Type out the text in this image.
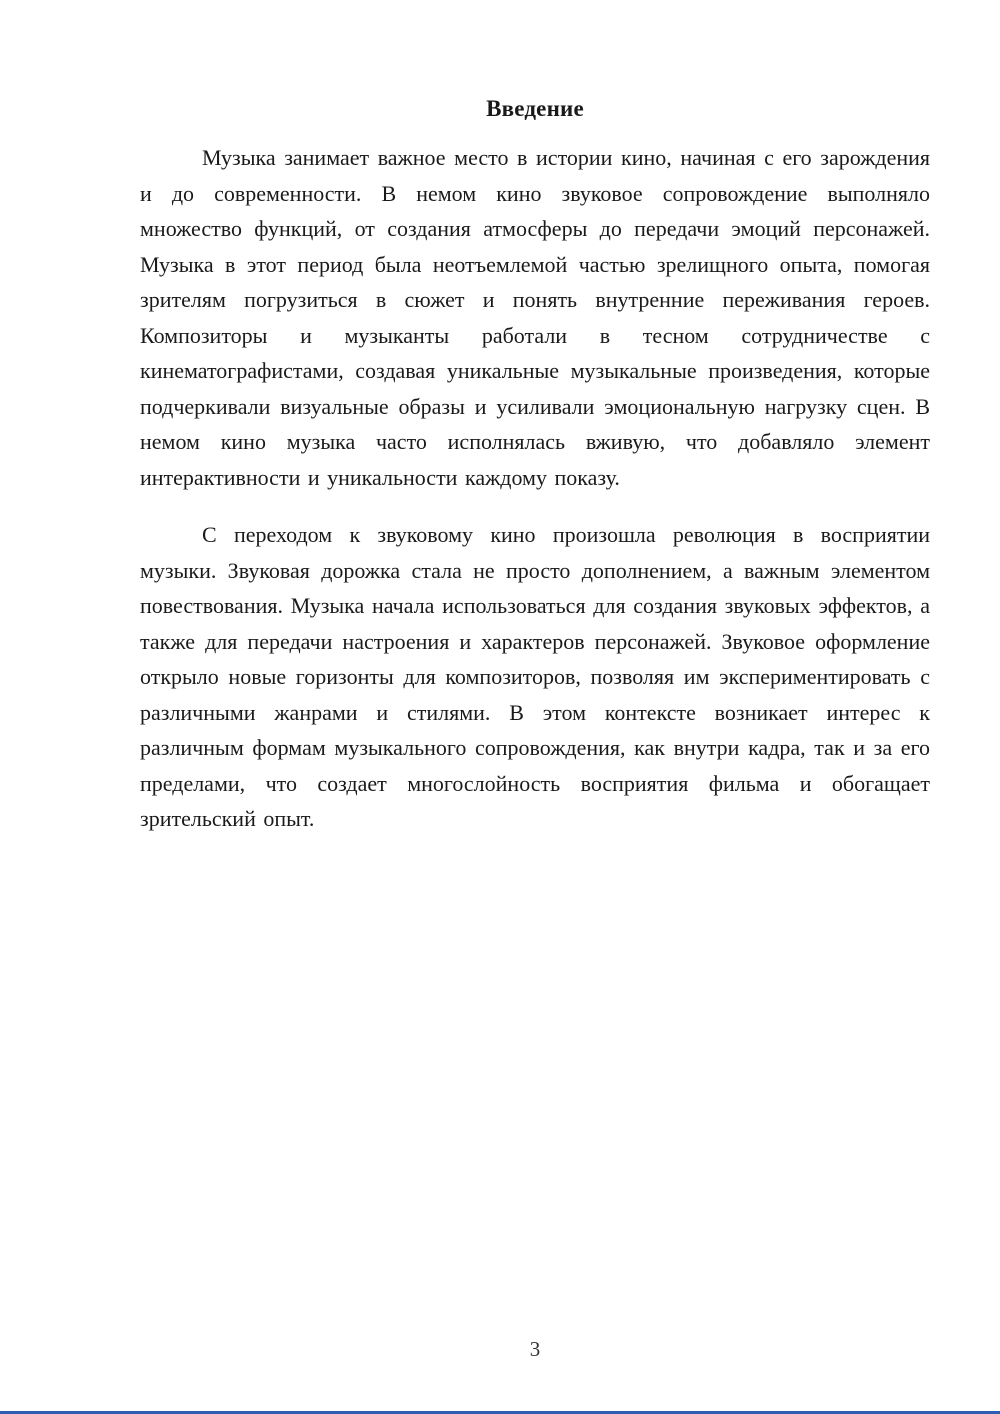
Введение

Музыка занимает важное место в истории кино, начиная с его зарождения и до современности. В немом кино звуковое сопровождение выполняло множество функций, от создания атмосферы до передачи эмоций персонажей. Музыка в этот период была неотъемлемой частью зрелищного опыта, помогая зрителям погрузиться в сюжет и понять внутренние переживания героев. Композиторы и музыканты работали в тесном сотрудничестве с кинематографистами, создавая уникальные музыкальные произведения, которые подчеркивали визуальные образы и усиливали эмоциональную нагрузку сцен. В немом кино музыка часто исполнялась вживую, что добавляло элемент интерактивности и уникальности каждому показу.

С переходом к звуковому кино произошла революция в восприятии музыки. Звуковая дорожка стала не просто дополнением, а важным элементом повествования. Музыка начала использоваться для создания звуковых эффектов, а также для передачи настроения и характеров персонажей. Звуковое оформление открыло новые горизонты для композиторов, позволяя им экспериментировать с различными жанрами и стилями. В этом контексте возникает интерес к различным формам музыкального сопровождения, как внутри кадра, так и за его пределами, что создает многослойность восприятия фильма и обогащает зрительский опыт.

3
